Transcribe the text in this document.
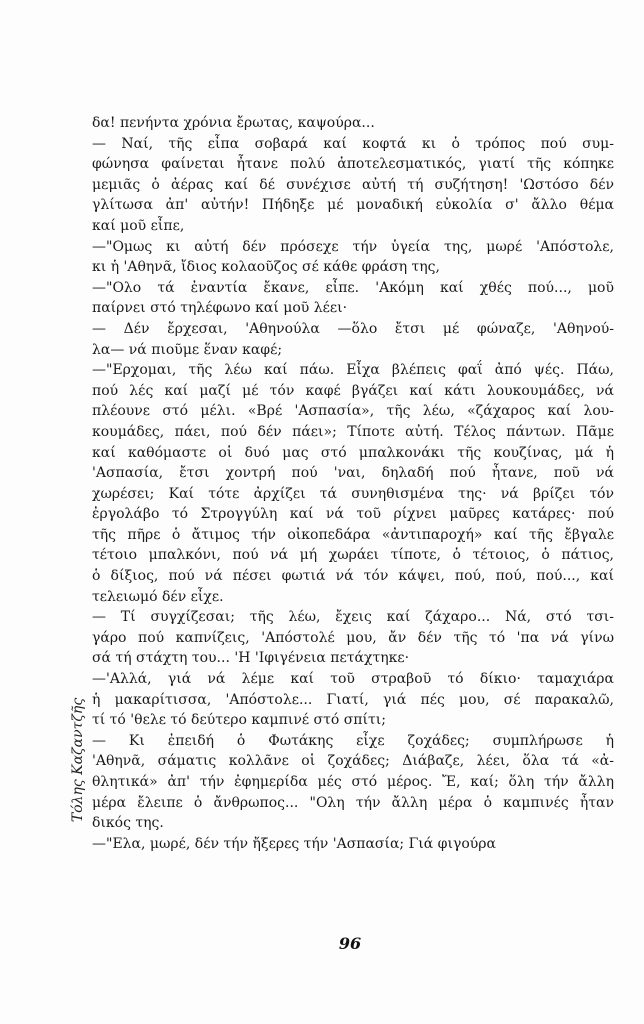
δα! πενήντα χρόνια ἔρωτας, καψούρα...
— Ναί, τῆς εἶπα σοβαρά καί κοφτά κι ὁ τρόπος πού συμ-
φώνησα φαίνεται ἦτανε πολύ ἀποτελεσματικός, γιατί τῆς κόπηκε
μεμιᾶς ὁ ἀέρας καί δέ συνέχισε αὐτή τή συζήτηση! 'Ωστόσο δέν
γλίτωσα ἀπ' αὐτήν! Πήδηξε μέ μοναδική εὐκολία σ' ἄλλο θέμα
καί μοῦ εἶπε,
—"Ομως κι αὐτή δέν πρόσεχε τήν ὑγεία της, μωρέ 'Απόστολε,
κι ἡ 'Αθηνᾶ, ἴδιος κολαοῦζος σέ κάθε φράση της,
—"Ολο τά ἐναντία ἔκανε, εἶπε. 'Ακόμη καί χθές πού..., μοῦ
παίρνει στό τηλέφωνο καί μοῦ λέει·
— Δέν ἔρχεσαι, 'Αθηνούλα —ὅλο ἔτσι μέ φώναζε, 'Αθηνού-
λα— νά πιοῦμε ἕναν καφέ;
—"Ερχομαι, τῆς λέω καί πάω. Εἶχα βλέπεις φαΐ ἀπό ψές. Πάω,
πού λές καί μαζί μέ τόν καφέ βγάζει καί κάτι λουκουμάδες, νά
πλέουνε στό μέλι. «Βρέ 'Ασπασία», τῆς λέω, «ζάχαρος καί λου-
κουμάδες, πάει, πού δέν πάει»; Τίποτε αὐτή. Τέλος πάντων. Πᾶμε
καί καθόμαστε οἱ δυό μας στό μπαλκονάκι τῆς κουζίνας, μά ἡ
'Ασπασία, ἔτσι χοντρή πού 'ναι, δηλαδή πού ἦτανε, ποῦ νά
χωρέσει; Καί τότε ἀρχίζει τά συνηθισμένα της· νά βρίζει τόν
ἐργολάβο τό Στρογγύλη καί νά τοῦ ρίχνει μαῦρες κατάρες· πού
τῆς πῆρε ὁ ἄτιμος τήν οἰκοπεδάρα «ἀντιπαροχή» καί τῆς ἔβγαλε
τέτοιο μπαλκόνι, πού νά μή χωράει τίποτε, ὁ τέτοιος, ὁ πάτιος,
ὁ δίξιος, πού νά πέσει φωτιά νά τόν κάψει, πού, πού, πού..., καί
τελειωμό δέν εἶχε.
— Τί συγχίζεσαι; τῆς λέω, ἔχεις καί ζάχαρο... Νά, στό τσι-
γάρο πού καπνίζεις, 'Απόστολέ μου, ἄν δέν τῆς τό 'πα νά γίνω
σά τή στάχτη του... 'Η 'Ιφιγένεια πετάχτηκε·
—'Αλλά, γιά νά λέμε καί τοῦ στραβοῦ τό δίκιο· ταμαχιάρα
ἡ μακαρίτισσα, 'Απόστολε... Γιατί, γιά πές μου, σέ παρακαλῶ,
τί τό 'θελε τό δεύτερο καμπινέ στό σπίτι;
— Κι ἐπειδή ὁ Φωτάκης εἶχε ζοχάδες; συμπλήρωσε ἡ
'Αθηνᾶ, σάματις κολλᾶνε οἱ ζοχάδες; Διάβαζε, λέει, ὅλα τά «ἀ-
θλητικά» ἀπ' τήν ἐφημερίδα μές στό μέρος. Ἔ, καί; ὅλη τήν ἄλλη
μέρα ἔλειπε ὁ ἄνθρωπος... "Ολη τήν ἄλλη μέρα ὁ καμπινές ἦταν
δικός της.
—"Ελα, μωρέ, δέν τήν ἤξερες τήν 'Ασπασία; Γιά φιγούρα
Τόλης Καζαντζῆς
96
